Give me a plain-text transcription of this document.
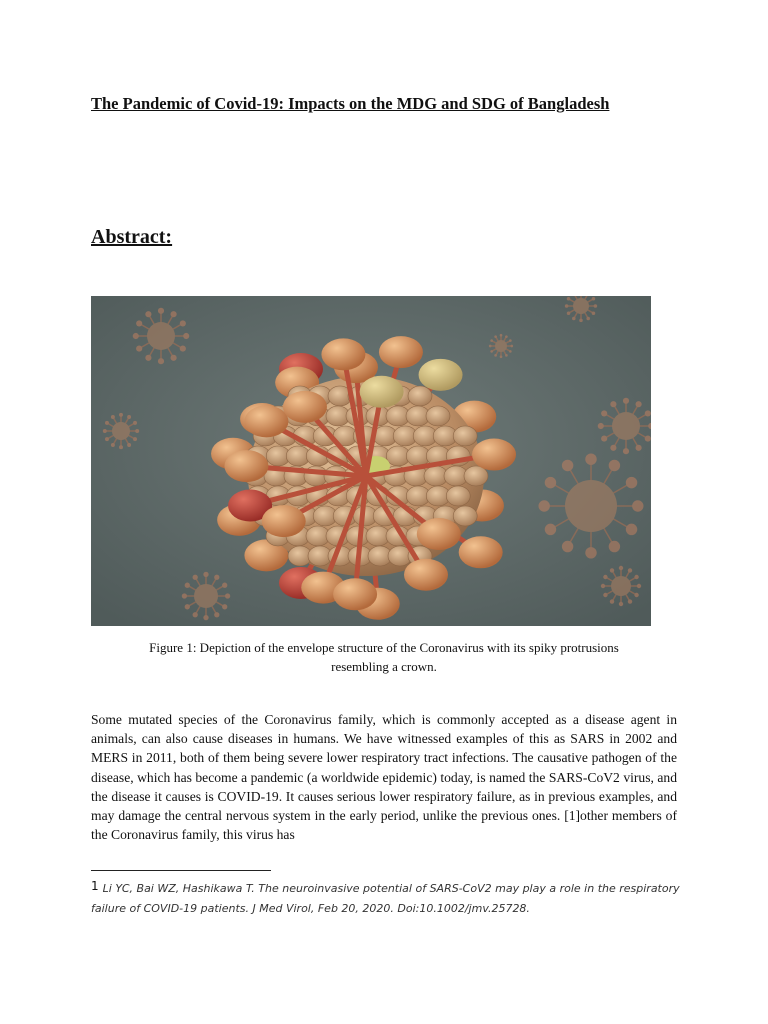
The Pandemic of Covid-19: Impacts on the MDG and SDG of Bangladesh
Abstract:
Figure 1: Depiction of the envelope structure of the Coronavirus with its spiky protrusions
resembling a crown.
Some mutated species of the Coronavirus family, which is commonly accepted as a disease agent in animals, can also cause diseases in humans. We have witnessed examples of this as SARS in 2002 and MERS in 2011, both of them being severe lower respiratory tract infections. The causative pathogen of the disease, which has become a pandemic (a worldwide epidemic) today, is named the SARS-CoV2 virus, and the disease it causes is COVID-19. It causes serious lower respiratory failure, as in previous examples, and may damage the central nervous system in the early period, unlike the previous ones. [1]other members of the Coronavirus family, this virus has
1 Li YC, Bai WZ, Hashikawa T. The neuroinvasive potential of SARS-CoV2 may play a role in the respiratory failure of COVID-19 patients. J Med Virol, Feb 20, 2020. Doi:10.1002/jmv.25728.
